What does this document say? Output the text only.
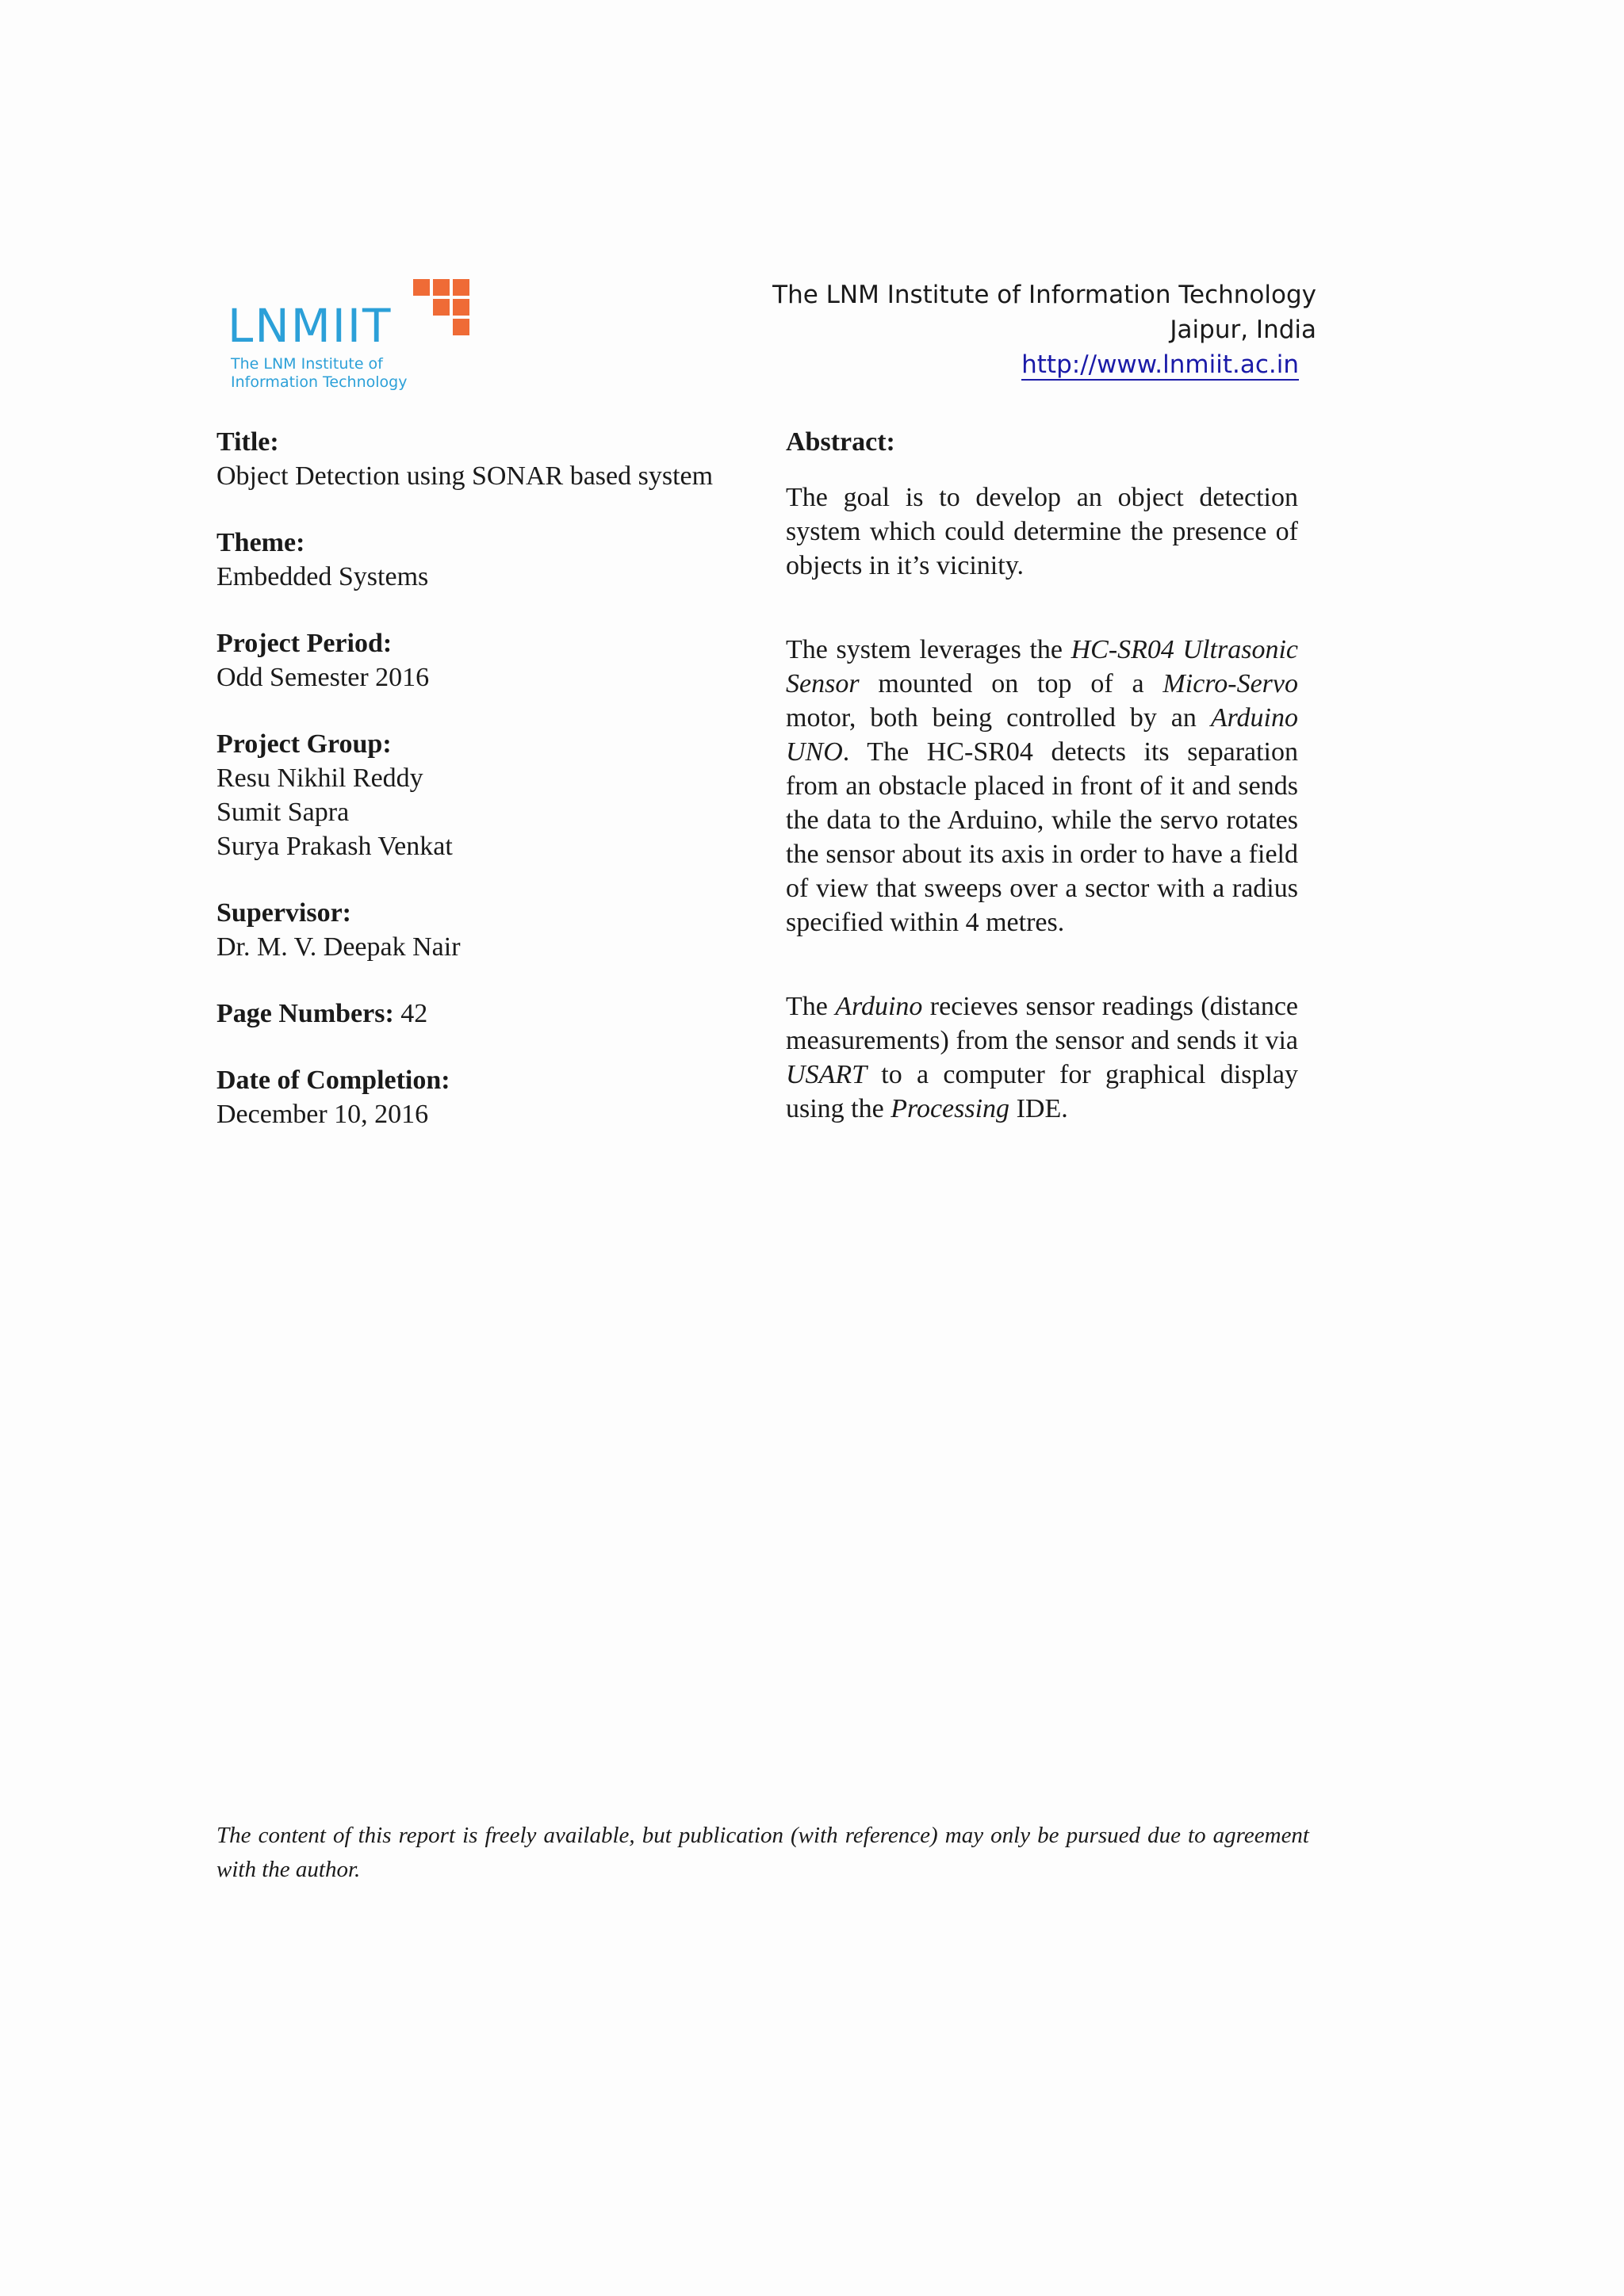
LNMIIT
The LNM Institute of
Information Technology
The LNM Institute of Information Technology
Jaipur, India
http://www.lnmiit.ac.in
Title:
Object Detection using SONAR based system
Theme:
Embedded Systems
Project Period:
Odd Semester 2016
Project Group:
Resu Nikhil Reddy
Sumit Sapra
Surya Prakash Venkat
Supervisor:
Dr. M. V. Deepak Nair
Page Numbers: 42
Date of Completion:
December 10, 2016
Abstract:

The goal is to develop an object detection system which could determine the presence of objects in it’s vicinity.

The system leverages the HC-SR04 Ultrasonic Sensor mounted on top of a Micro-Servo motor, both being controlled by an Arduino UNO. The HC-SR04 detects its separation from an obstacle placed in front of it and sends the data to the Arduino, while the servo rotates the sensor about its axis in order to have a field of view that sweeps over a sector with a radius specified within 4 metres.

The Arduino recieves sensor readings (distance measurements) from the sensor and sends it via USART to a computer for graphical display using the Processing IDE.

The content of this report is freely available, but publication (with reference) may only be pursued due to agreement with the author.
